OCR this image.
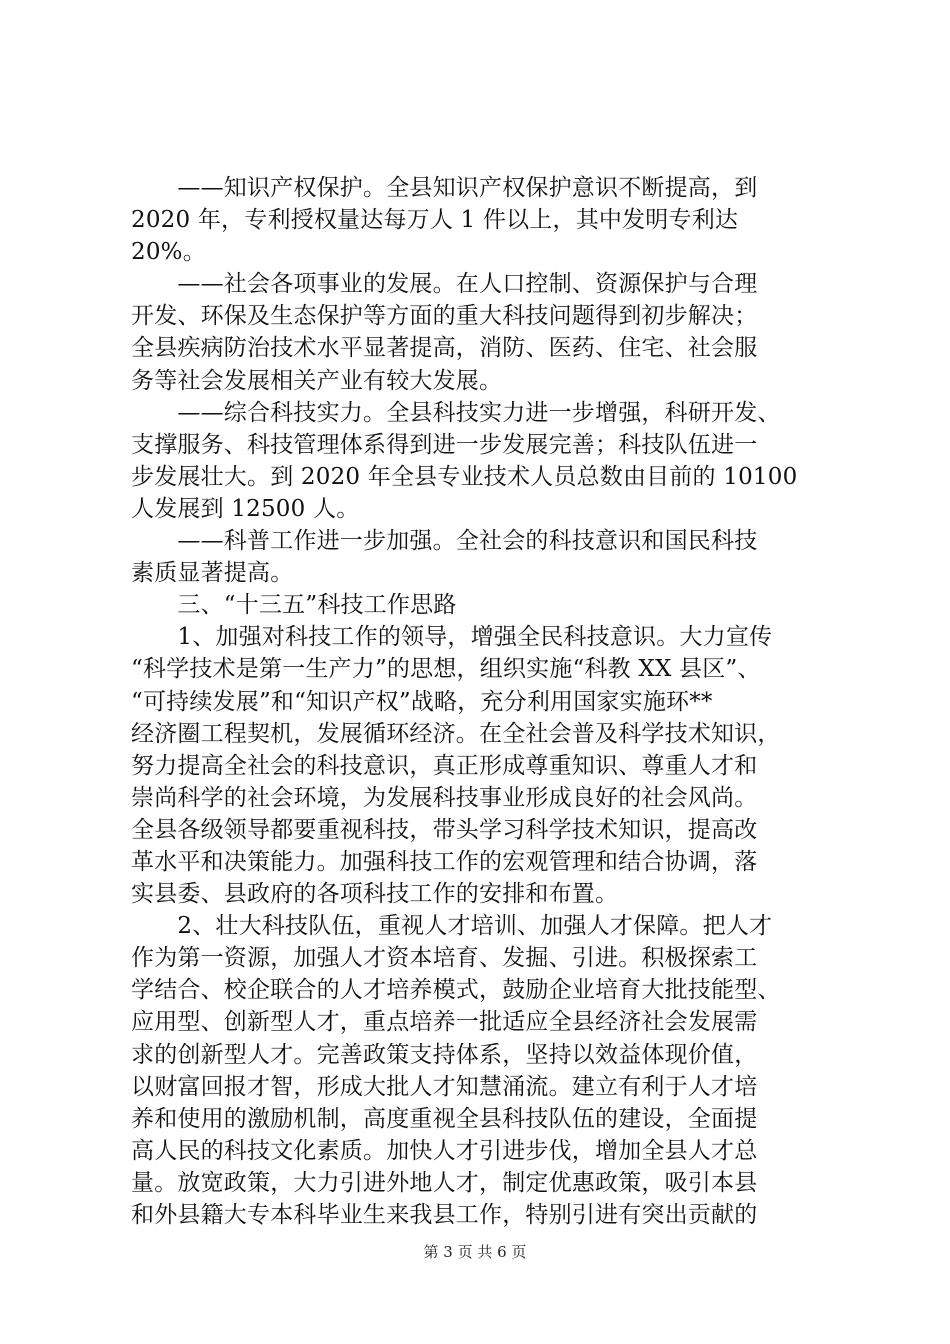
　　——知识产权保护。全县知识产权保护意识不断提高，到
2020 年，专利授权量达每万人 1 件以上，其中发明专利达
20%。
　　——社会各项事业的发展。在人口控制、资源保护与合理
开发、环保及生态保护等方面的重大科技问题得到初步解决；
全县疾病防治技术水平显著提高，消防、医药、住宅、社会服
务等社会发展相关产业有较大发展。
　　——综合科技实力。全县科技实力进一步增强，科研开发、
支撑服务、科技管理体系得到进一步发展完善；科技队伍进一
步发展壮大。到 2020 年全县专业技术人员总数由目前的 10100
人发展到 12500 人。
　　——科普工作进一步加强。全社会的科技意识和国民科技
素质显著提高。
　　三、“十三五”科技工作思路
　　1、加强对科技工作的领导，增强全民科技意识。大力宣传
“科学技术是第一生产力”的思想，组织实施“科教 XX 县区”、
“可持续发展”和“知识产权”战略，充分利用国家实施环**
经济圈工程契机，发展循环经济。在全社会普及科学技术知识，
努力提高全社会的科技意识，真正形成尊重知识、尊重人才和
崇尚科学的社会环境，为发展科技事业形成良好的社会风尚。
全县各级领导都要重视科技，带头学习科学技术知识，提高改
革水平和决策能力。加强科技工作的宏观管理和结合协调，落
实县委、县政府的各项科技工作的安排和布置。
　　2、壮大科技队伍，重视人才培训、加强人才保障。把人才
作为第一资源，加强人才资本培育、发掘、引进。积极探索工
学结合、校企联合的人才培养模式，鼓励企业培育大批技能型、
应用型、创新型人才，重点培养一批适应全县经济社会发展需
求的创新型人才。完善政策支持体系，坚持以效益体现价值，
以财富回报才智，形成大批人才知慧涌流。建立有利于人才培
养和使用的激励机制，高度重视全县科技队伍的建设，全面提
高人民的科技文化素质。加快人才引进步伐，增加全县人才总
量。放宽政策，大力引进外地人才，制定优惠政策，吸引本县
和外县籍大专本科毕业生来我县工作，特别引进有突出贡献的
第 3 页 共 6 页
